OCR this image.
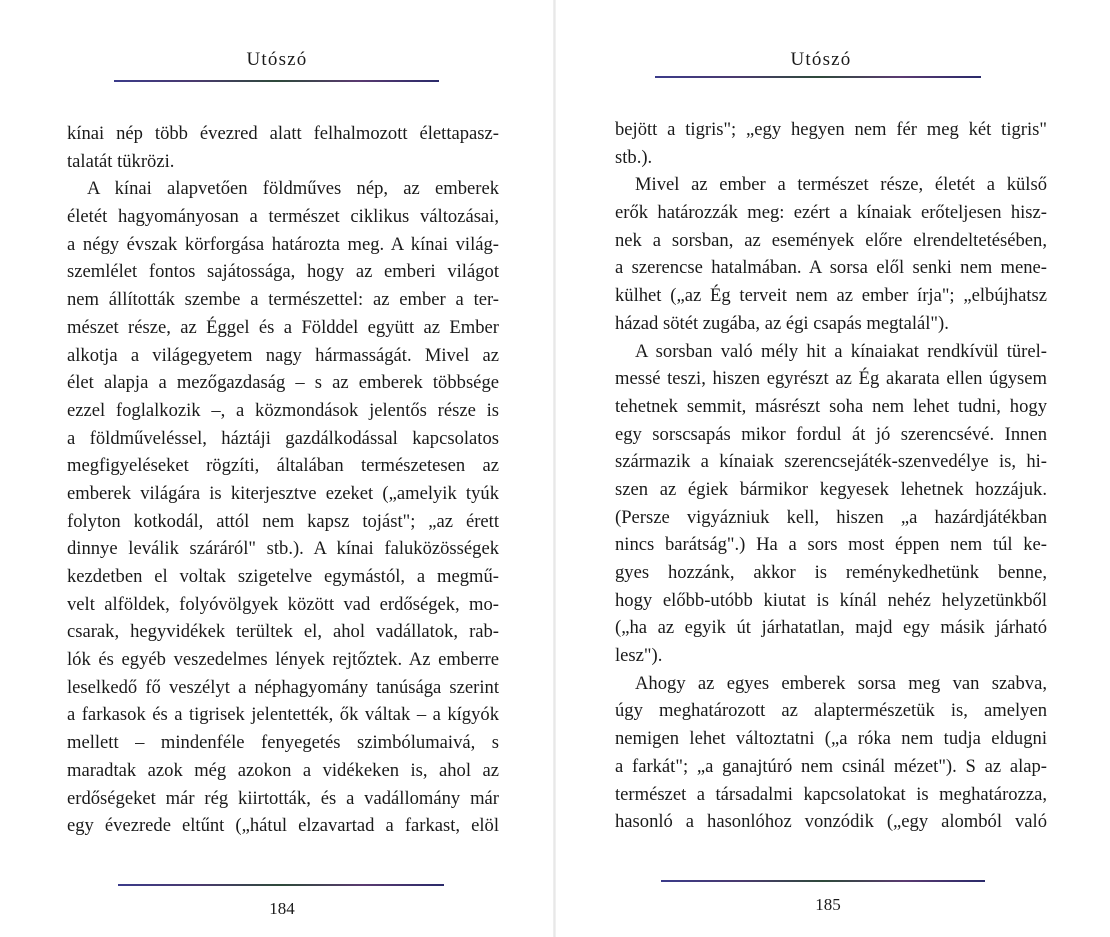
Utószó
kínai nép több évezred alatt felhalmozott élettapasz-
talatát tükrözi.
A kínai alapvetően földműves nép, az emberek
életét hagyományosan a természet ciklikus változásai,
a négy évszak körforgása határozta meg. A kínai világ-
szemlélet fontos sajátossága, hogy az emberi világot
nem állították szembe a természettel: az ember a ter-
mészet része, az Éggel és a Földdel együtt az Ember
alkotja a világegyetem nagy hármasságát. Mivel az
élet alapja a mezőgazdaság – s az emberek többsége
ezzel foglalkozik –, a közmondások jelentős része is
a földműveléssel, háztáji gazdálkodással kapcsolatos
megfigyeléseket rögzíti, általában természetesen az
emberek világára is kiterjesztve ezeket („amelyik tyúk
folyton kotkodál, attól nem kapsz tojást"; „az érett
dinnye leválik száráról" stb.). A kínai faluközösségek
kezdetben el voltak szigetelve egymástól, a megmű-
velt alföldek, folyóvölgyek között vad erdőségek, mo-
csarak, hegyvidékek terültek el, ahol vadállatok, rab-
lók és egyéb veszedelmes lények rejtőztek. Az emberre
leselkedő fő veszélyt a néphagyomány tanúsága szerint
a farkasok és a tigrisek jelentették, ők váltak – a kígyók
mellett – mindenféle fenyegetés szimbólumaivá, s
maradtak azok még azokon a vidékeken is, ahol az
erdőségeket már rég kiirtották, és a vadállomány már
egy évezrede eltűnt („hátul elzavartad a farkast, elöl
184
Utószó
bejött a tigris"; „egy hegyen nem fér meg két tigris"
stb.).
Mivel az ember a természet része, életét a külső
erők határozzák meg: ezért a kínaiak erőteljesen hisz-
nek a sorsban, az események előre elrendeltetésében,
a szerencse hatalmában. A sorsa elől senki nem mene-
külhet („az Ég terveit nem az ember írja"; „elbújhatsz
házad sötét zugába, az égi csapás megtalál").
A sorsban való mély hit a kínaiakat rendkívül türel-
messé teszi, hiszen egyrészt az Ég akarata ellen úgysem
tehetnek semmit, másrészt soha nem lehet tudni, hogy
egy sorscsapás mikor fordul át jó szerencsévé. Innen
származik a kínaiak szerencsejáték-szenvedélye is, hi-
szen az égiek bármikor kegyesek lehetnek hozzájuk.
(Persze vigyázniuk kell, hiszen „a hazárdjátékban
nincs barátság".) Ha a sors most éppen nem túl ke-
gyes hozzánk, akkor is reménykedhetünk benne,
hogy előbb-utóbb kiutat is kínál nehéz helyzetünkből
(„ha az egyik út járhatatlan, majd egy másik járható
lesz").
Ahogy az egyes emberek sorsa meg van szabva,
úgy meghatározott az alaptermészetük is, amelyen
nemigen lehet változtatni („a róka nem tudja eldugni
a farkát"; „a ganajtúró nem csinál mézet"). S az alap-
természet a társadalmi kapcsolatokat is meghatározza,
hasonló a hasonlóhoz vonzódik („egy alomból való
185
